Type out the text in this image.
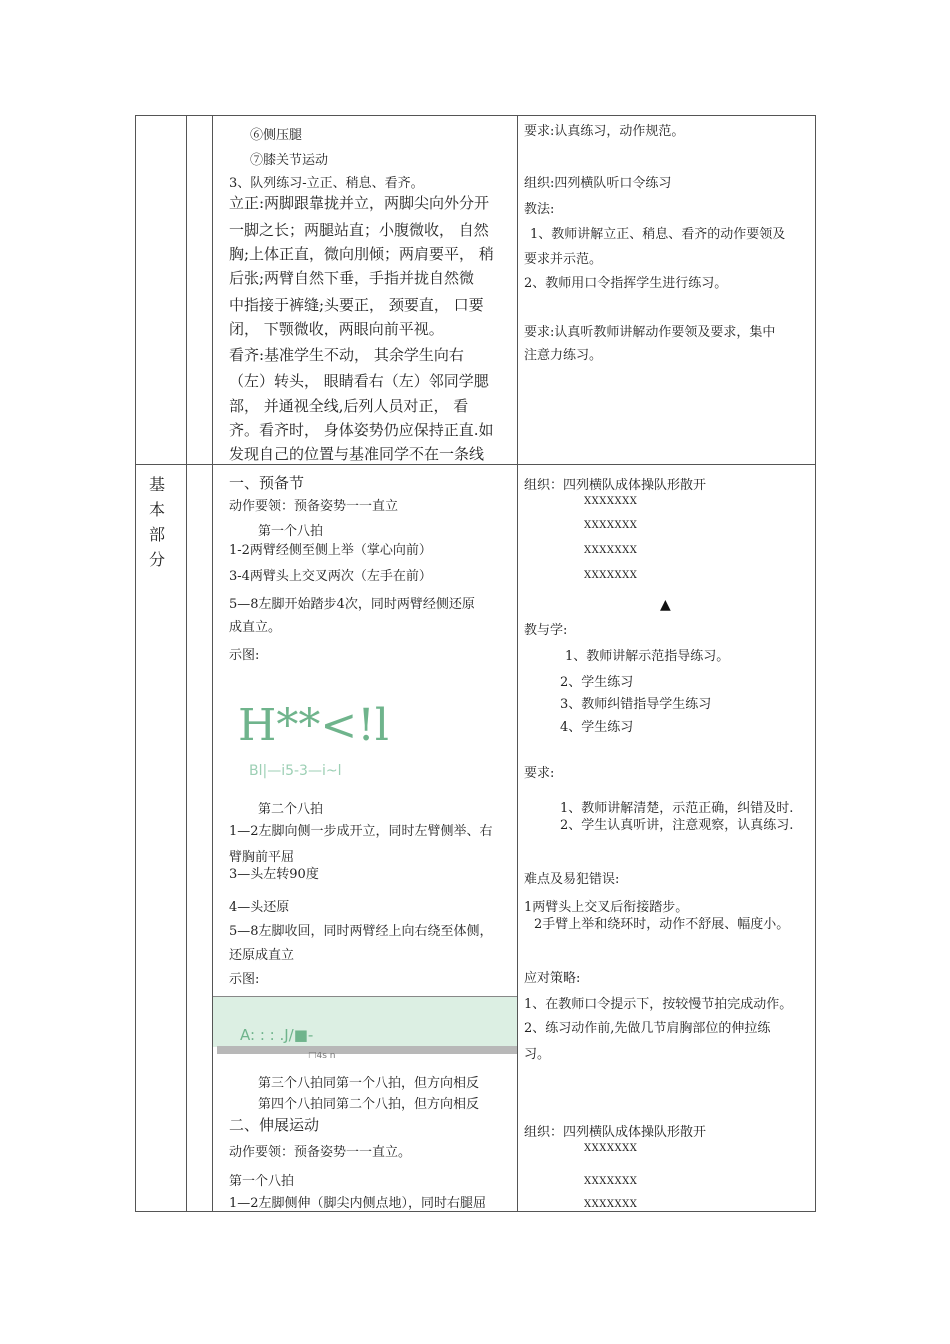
⑥侧压腿
⑦膝关节运动
3、队列练习-立正、稍息、看齐。
立正:两脚跟靠拢并立，两脚尖向外分开
一脚之长；两腿站直；小腹微收， 自然
胸;上体正直，微向刖倾；两肩要平， 稍
后张;两臂自然下垂，手指并拢自然微
中指接于裤缝;头要正， 颈要直， 口要
闭， 下颚微收，两眼向前平视。
看齐:基准学生不动， 其余学生向右
（左）转头， 眼睛看右（左）邻同学腮
部， 并通视全线,后列人员对正， 看
齐。看齐时， 身体姿势仍应保持正直.如
发现自己的位置与基准同学不在一条线
要求:认真练习，动作规范。
组织:四列横队听口令练习
教法:
1、教师讲解立正、稍息、看齐的动作要领及
要求并示范。
2、教师用口令指挥学生进行练习。
要求:认真听教师讲解动作要领及要求，集中
注意力练习。
基
本
部
分
一、预备节
动作要领：预备姿势一一直立
第一个八拍
1-2两臂经侧至侧上举（掌心向前）
3-4两臂头上交叉两次（左手在前）
5—8左脚开始踏步4次，同时两臂经侧还原
成直立。
示图:
H**<!l
Bl|—i5-3—i~l
第二个八拍
1—2左脚向侧一步成开立，同时左臂侧举、右
臂胸前平屈
3—头左转90度
4—头还原
5—8左脚收回，同时两臂经上向右绕至体侧，
还原成直立
示图:
A: : : .J/■-
□4s n
第三个八拍同第一个八拍，但方向相反
第四个八拍同第二个八拍，但方向相反
二、伸展运动
动作要领：预备姿势一一直立。
第一个八拍
1—2左脚侧伸（脚尖内侧点地），同时右腿屈
组织：四列横队成体操队形散开
XXXXXXX
XXXXXXX
XXXXXXX
XXXXXXX
▲
教与学:
1、教师讲解示范指导练习。
2、学生练习
3、教师纠错指导学生练习
4、学生练习
要求:
1、教师讲解清楚，示范正确，纠错及时.
2、学生认真听讲，注意观察，认真练习.
难点及易犯错误:
1两臂头上交叉后衔接踏步。
2手臂上举和绕环时，动作不舒展、幅度小。
应对策略:
1、在教师口令提示下，按较慢节拍完成动作。
2、练习动作前,先做几节肩胸部位的伸拉练
习。
组织：四列横队成体操队形散开
XXXXXXX
XXXXXXX
XXXXXXX
